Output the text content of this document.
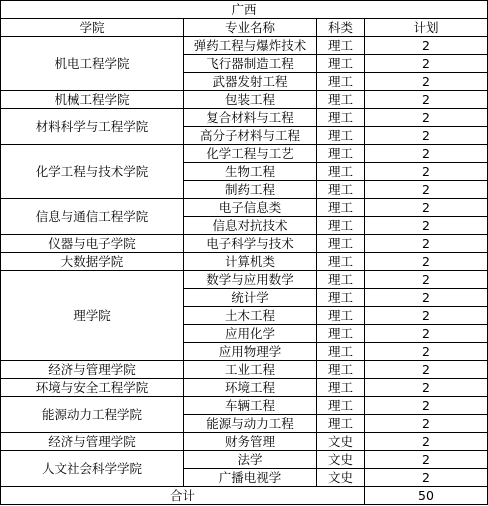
广西			
学院	专业名称	科类	计划
机电工程学院	弹药工程与爆炸技术	理工	2
	飞行器制造工程	理工	2
	武器发射工程	理工	2
机械工程学院	包装工程	理工	2
材料科学与工程学院	复合材料与工程	理工	2
	高分子材料与工程	理工	2
化学工程与技术学院	化学工程与工艺	理工	2
	生物工程	理工	2
	制药工程	理工	2
信息与通信工程学院	电子信息类	理工	2
	信息对抗技术	理工	2
仪器与电子学院	电子科学与技术	理工	2
大数据学院	计算机类	理工	2
理学院	数学与应用数学	理工	2
	统计学	理工	2
	土木工程	理工	2
	应用化学	理工	2
	应用物理学	理工	2
经济与管理学院	工业工程	理工	2
环境与安全工程学院	环境工程	理工	2
能源动力工程学院	车辆工程	理工	2
	能源与动力工程	理工	2
经济与管理学院	财务管理	文史	2
人文社会科学学院	法学	文史	2
	广播电视学	文史	2
合计			50
